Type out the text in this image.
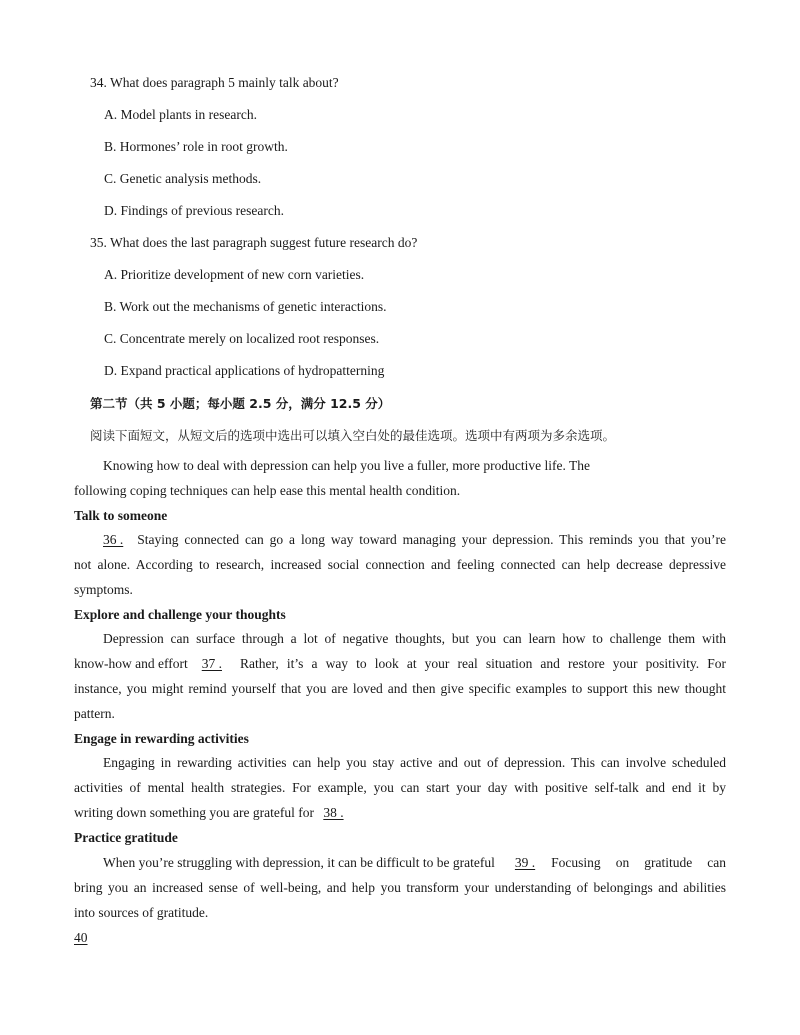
34. What does paragraph 5 mainly talk about?
A. Model plants in research.
B. Hormones’ role in root growth.
C. Genetic analysis methods.
D. Findings of previous research.
35. What does the last paragraph suggest future research do?
A. Prioritize development of new corn varieties.
B. Work out the mechanisms of genetic interactions.
C. Concentrate merely on localized root responses.
D. Expand practical applications of hydropatterning
第二节（共 5 小题；每小题 2.5 分，满分 12.5 分）
阅读下面短文，从短文后的选项中选出可以填入空白处的最佳选项。选项中有两项为多余选项。
Knowing how to deal with depression can help you live a fuller, more productive life. The
following coping techniques can help ease this mental health condition.
Talk to someone
36 . Staying connected can go a long way toward managing your depression. This reminds you that you’re
not alone. According to research, increased social connection and feeling connected can help decrease depressive
symptoms.
Explore and challenge your thoughts
Depression can surface through a lot of negative thoughts, but you can learn how to challenge them with
know-how and effort	37 .	Rather, it’s a way to look at your real situation and restore your positivity. For
instance, you might remind yourself that you are loved and then give specific examples to support this new thought
pattern.
Engage in rewarding activities
Engaging in rewarding activities can help you stay active and out of depression. This can involve scheduled
activities of mental health strategies. For example, you can start your day with positive self-talk and end it by
writing down something you are grateful for 38 .
Practice gratitude
When you’re struggling with depression, it can be difficult to be grateful	39 . Focusing on gratitude can
bring you an increased sense of well-being, and help you transform your understanding of belongings and abilities
into sources of gratitude.
40
